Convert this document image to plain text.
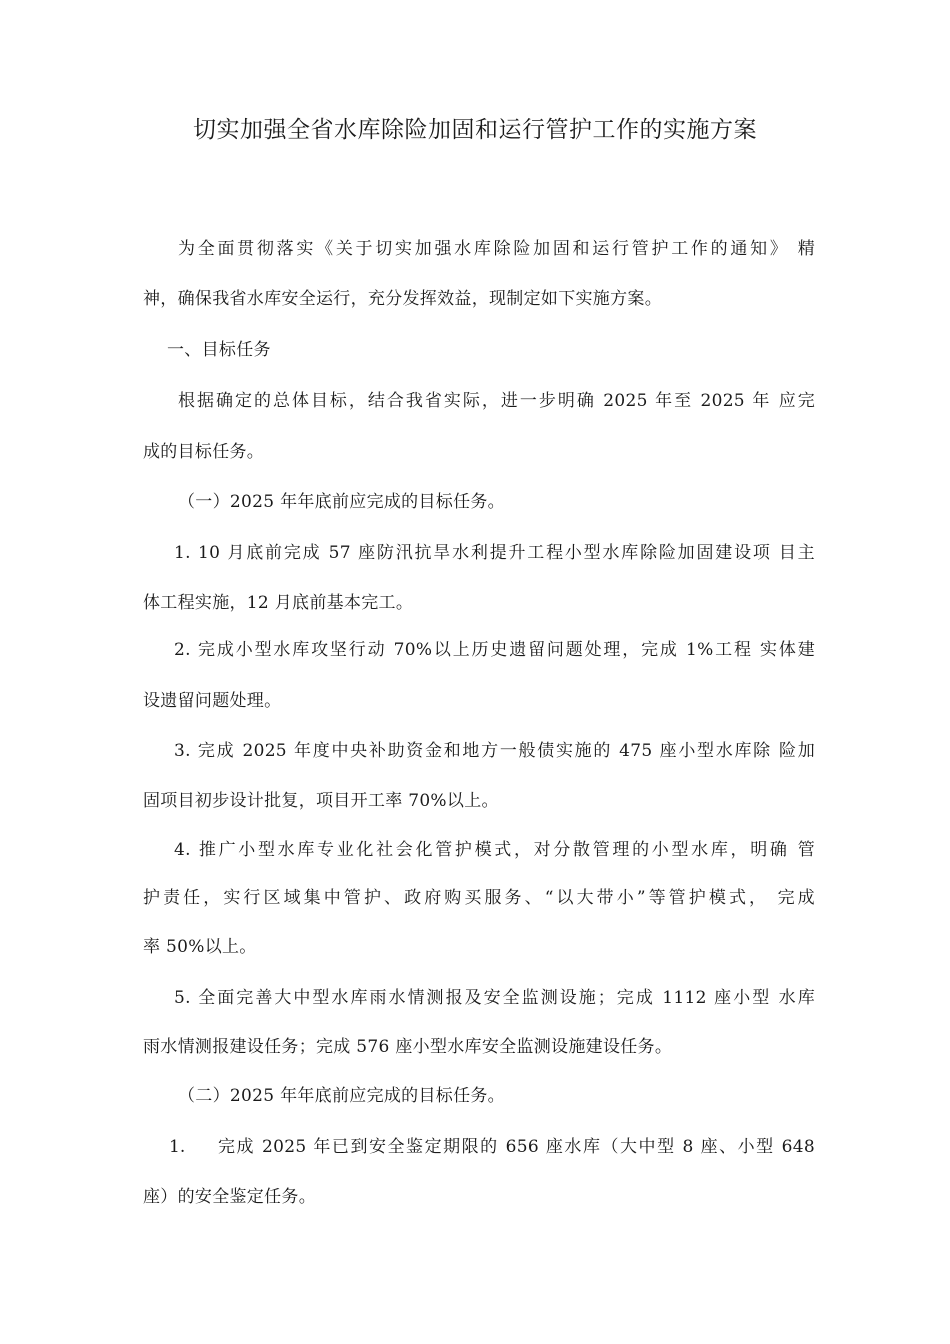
切实加强全省水库除险加固和运行管护工作的实施方案
为全面贯彻落实《关于切实加强水库除险加固和运行管护工作的通知》 精
神，确保我省水库安全运行，充分发挥效益，现制定如下实施方案。
一、目标任务
根据确定的总体目标，结合我省实际，进一步明确 2025 年至 2025 年 应完
成的目标任务。
（一）2025 年年底前应完成的目标任务。
1. 10 月底前完成 57 座防汛抗旱水利提升工程小型水库除险加固建设项 目主
体工程实施，12 月底前基本完工。
2. 完成小型水库攻坚行动 70%以上历史遗留问题处理，完成 1%工程 实体建
设遗留问题处理。
3. 完成 2025 年度中央补助资金和地方一般债实施的 475 座小型水库除 险加
固项目初步设计批复，项目开工率 70%以上。
4. 推广小型水库专业化社会化管护模式，对分散管理的小型水库，明确 管
护责任，实行区域集中管护、政府购买服务、“以大带小”等管护模式， 完成
率 50%以上。
5. 全面完善大中型水库雨水情测报及安全监测设施；完成 1112 座小型 水库
雨水情测报建设任务；完成 576 座小型水库安全监测设施建设任务。
（二）2025 年年底前应完成的目标任务。
1. 完成 2025 年已到安全鉴定期限的 656 座水库（大中型 8 座、小型 648
座）的安全鉴定任务。
